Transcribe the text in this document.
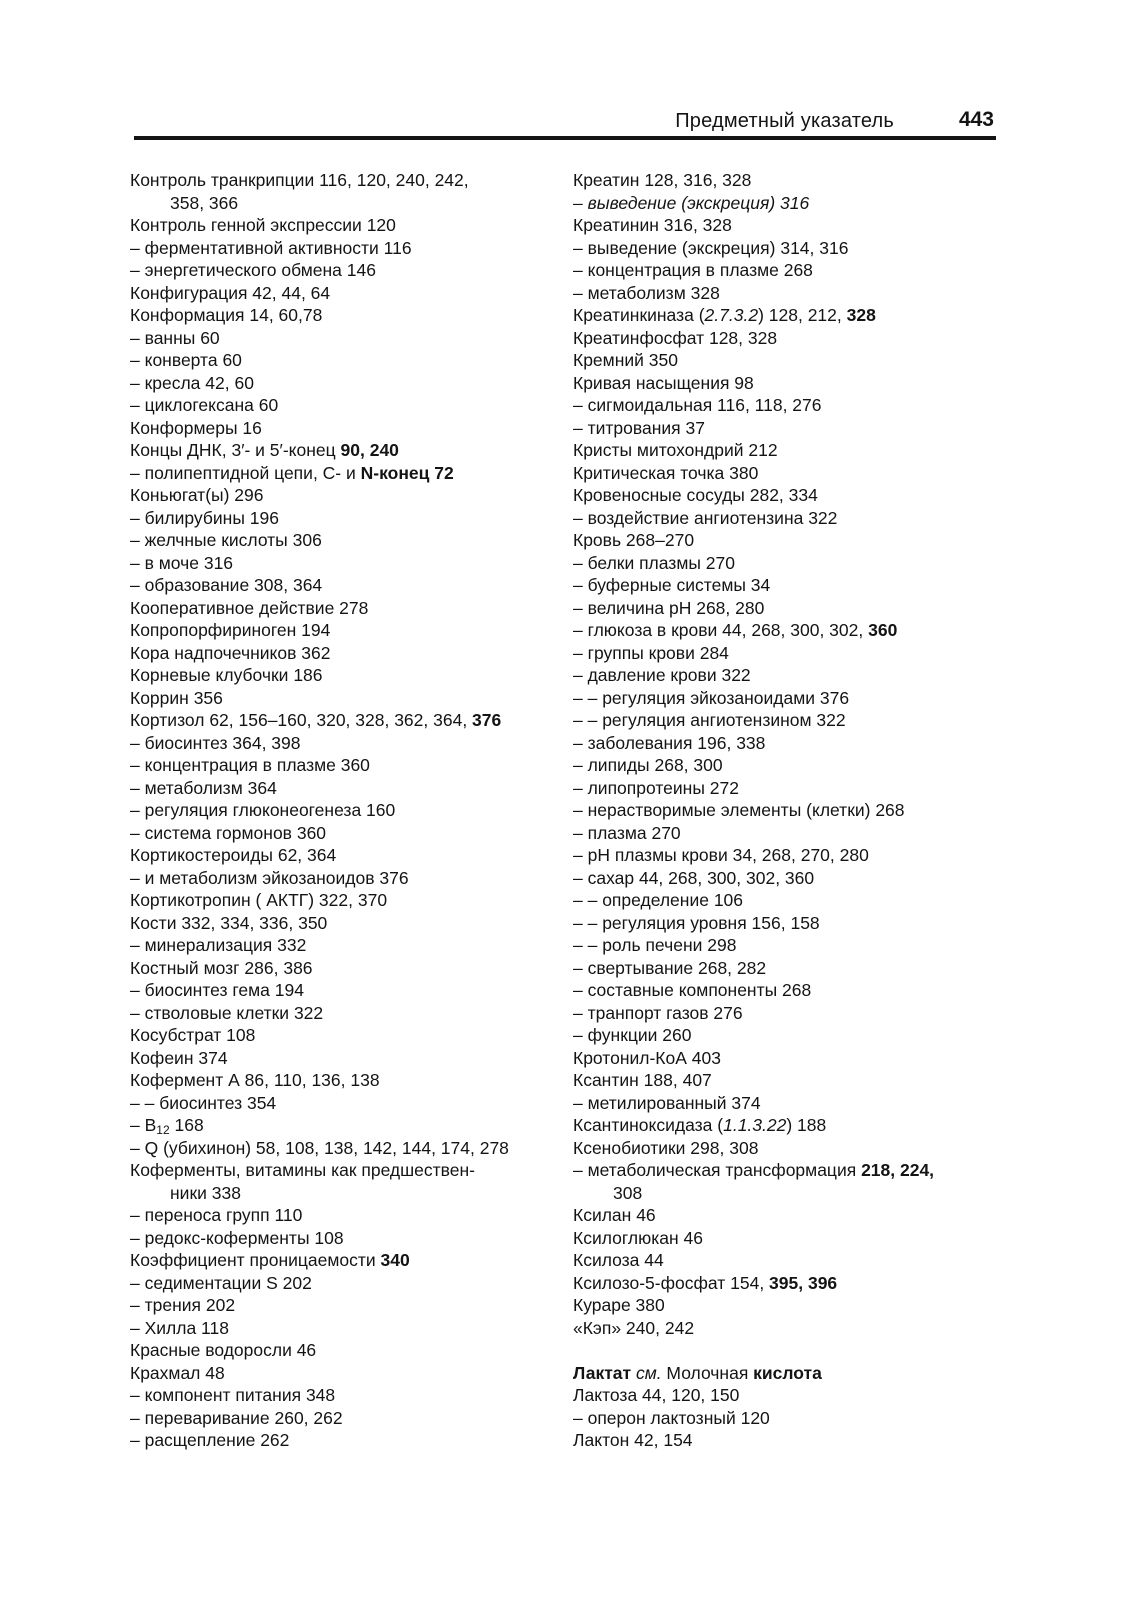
Предметный указатель	443
Контроль транкрипции 116, 120, 240, 242,
358, 366
Контроль генной экспрессии 120
– ферментативной активности 116
– энергетического обмена 146
Конфигурация 42, 44, 64
Конформация 14, 60,78
– ванны 60
– конверта 60
– кресла 42, 60
– циклогексана 60
Конформеры 16
Концы ДНК, 3′- и 5′-конец 90, 240
– полипептидной цепи, С- и N-конец 72
Коньюгат(ы) 296
– билирубины 196
– желчные кислоты 306
– в моче 316
– образование 308, 364
Кооперативное действие 278
Копропорфириноген 194
Кора надпочечников 362
Корневые клубочки 186
Коррин 356
Кортизол 62, 156–160, 320, 328, 362, 364, 376
– биосинтез 364, 398
– концентрация в плазме 360
– метаболизм 364
– регуляция глюконеогенеза 160
– система гормонов 360
Кортикостероиды 62, 364
– и метаболизм эйкозаноидов 376
Кортикотропин ( АКТГ) 322, 370
Кости 332, 334, 336, 350
– минерализация 332
Костный мозг 286, 386
– биосинтез гема 194
– стволовые клетки 322
Косубстрат 108
Кофеин 374
Кофермент А 86, 110, 136, 138
– – биосинтез 354
– $В_{12}$ 168
– Q (убихинон) 58, 108, 138, 142, 144, 174, 278
Коферменты, витамины как предшествен-
ники 338
– переноса групп 110
– редокс-коферменты 108
Коэффициент проницаемости 340
– седиментации S 202
– трения 202
– Хилла 118
Красные водоросли 46
Крахмал 48
– компонент питания 348
– переваривание 260, 262
– расщепление 262
Креатин 128, 316, 328
– выведение (экскреция) 316
Креатинин 316, 328
– выведение (экскреция) 314, 316
– концентрация в плазме 268
– метаболизм 328
Креатинкиназа (2.7.3.2) 128, 212, 328
Креатинфосфат 128, 328
Кремний 350
Кривая насыщения 98
– сигмоидальная 116, 118, 276
– титрования 37
Кристы митохондрий 212
Критическая точка 380
Кровеносные сосуды 282, 334
– воздействие ангиотензина 322
Кровь 268–270
– белки плазмы 270
– буферные системы 34
– величина рН 268, 280
– глюкоза в крови 44, 268, 300, 302, 360
– группы крови 284
– давление крови 322
– – регуляция эйкозаноидами 376
– – регуляция ангиотензином 322
– заболевания 196, 338
– липиды 268, 300
– липопротеины 272
– нерастворимые элементы (клетки) 268
– плазма 270
– рН плазмы крови 34, 268, 270, 280
– сахар 44, 268, 300, 302, 360
– – определение 106
– – регуляция уровня 156, 158
– – роль печени 298
– свертывание 268, 282
– составные компоненты 268
– транпорт газов 276
– функции 260
Кротонил-КоА 403
Ксантин 188, 407
– метилированный 374
Ксантиноксидаза (1.1.3.22) 188
Ксенобиотики 298, 308
– метаболическая трансформация 218, 224,
308
Ксилан 46
Ксилоглюкан 46
Ксилоза 44
Ксилозо-5-фосфат 154, 395, 396
Кураре 380
«Кэп» 240, 242
Лактат см. Молочная кислота
Лактоза 44, 120, 150
– оперон лактозный 120
Лактон 42, 154
